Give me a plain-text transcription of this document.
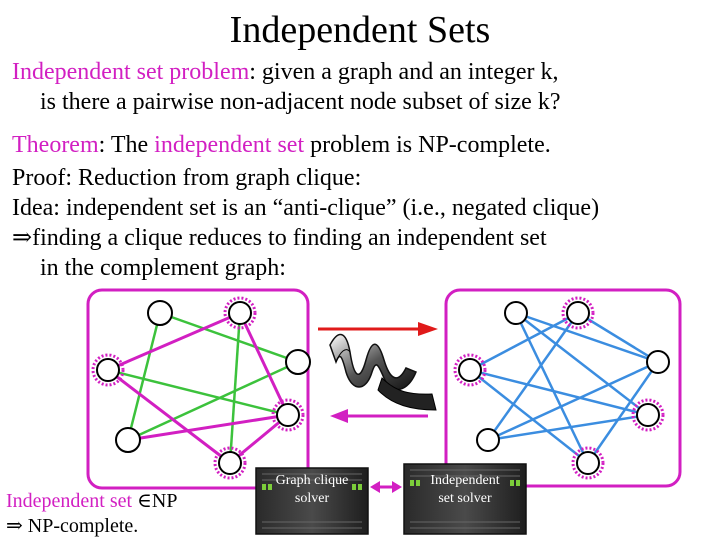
Independent Sets
Independent set problem: given a graph and an integer k,
is there a pairwise non-adjacent node subset of size k?
Theorem: The independent set problem is NP-complete.
Proof: Reduction from graph clique:
Idea: independent set is an “anti-clique” (i.e., negated clique)
⇒finding a clique reduces to finding an independent set
in the complement graph:
Graph clique
solver
Independent
set solver
Independent set ∈NP
⇒ NP-complete.
